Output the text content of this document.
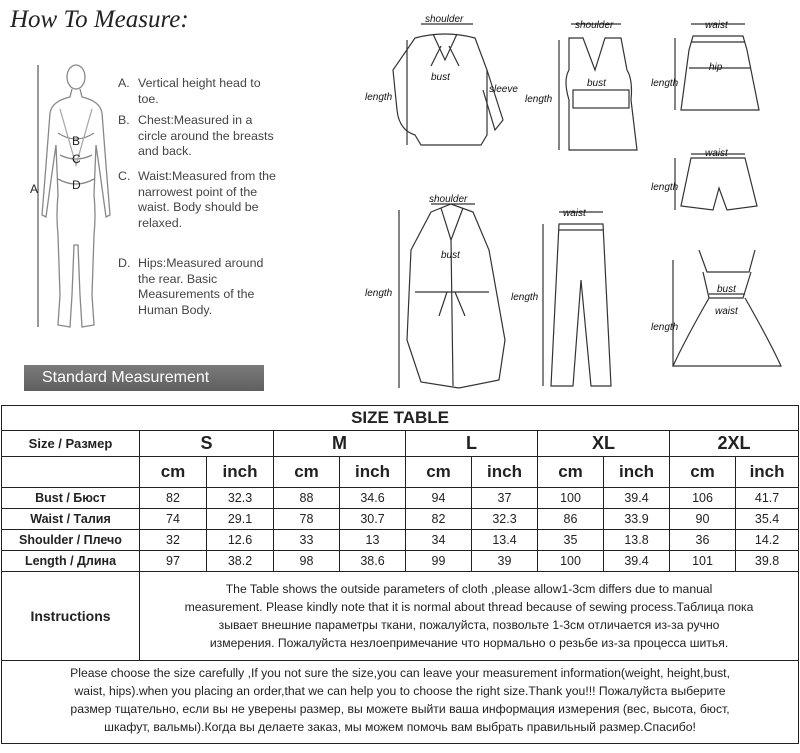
How To Measure:
A
B
C
D
A. Vertical height head to toe.
B. Chest:Measured in a circle around the breasts and back.
C. Waist:Measured from the narrowest point of the waist. Body should be relaxed.
D. Hips:Measured around the rear. Basic Measurements of the Human Body.
Standard Measurement
shoulder
bust
length
sleeve
shoulder
bust
length
waist
hip
length
waist
length
shoulder
bust
length
waist
length
bust
waist
length
SIZE TABLE										
Size / Размер	S		M		L		XL		2XL	
	cm	inch	cm	inch	cm	inch	cm	inch	cm	inch
Bust / Бюст	82	32.3	88	34.6	94	37	100	39.4	106	41.7
Waist / Талия	74	29.1	78	30.7	82	32.3	86	33.9	90	35.4
Shoulder / Плечо	32	12.6	33	13	34	13.4	35	13.8	36	14.2
Length / Длина	97	38.2	98	38.6	99	39	100	39.4	101	39.8
Instructions	The Table shows the outside parameters of cloth ,please allow1-3cm differs due to manual
measurement. Please kindly note that it is normal about thread because of sewing process.Таблица пока
зывает внешние параметры ткани, пожалуйста, позвольте 1-3см отличается из-за ручно
измерения. Пожалуйста незлоепримечание что нормально о резьбе из-за процесса шитья.									

Please choose the size carefully ,If you not sure the size,you can leave your measurement information(weight, height,bust,
waist, hips).when you placing an order,that we can help you to choose the right size.Thank you!!! Пожалуйста выберите
размер тщательно, если вы не уверены размер, вы можете выйти ваша информация измерения (вес, высота, бюст,
шкафут, вальмы).Когда вы делаете заказ, мы можем помочь вам выбрать правильный размер.Спасибо!										
